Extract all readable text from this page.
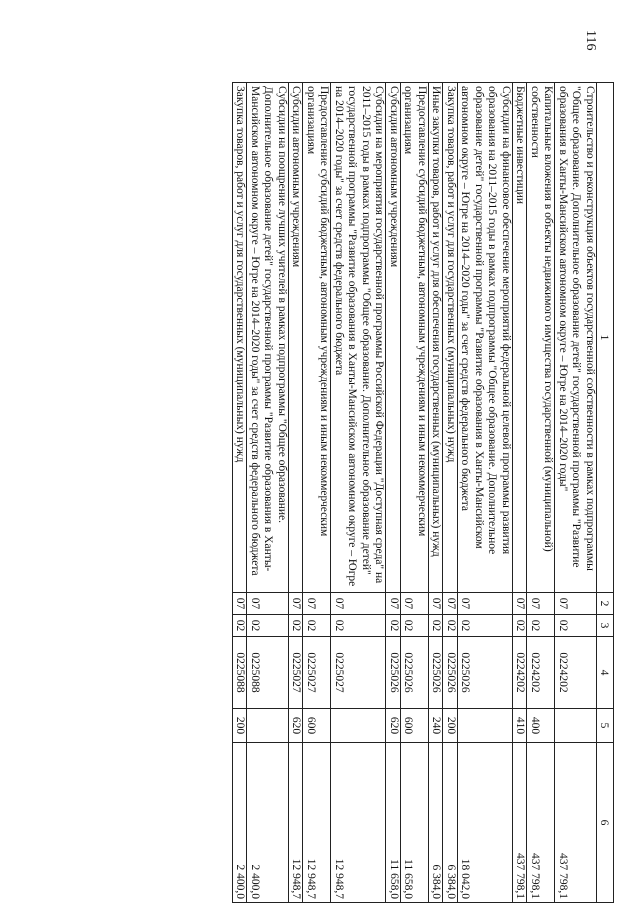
116
1	2	3	4	5	6
Строительство и реконструкция объектов государственной собственности в рамках подпрограммы "Общее образование. Дополнительное образование детей" государственной программы "Развитие образования в Ханты-Мансийском автономном округе – Югре на 2014–2020 годы"	07	02	0224202		437 798,1
Капитальные вложения в объекты недвижимого имущества государственной (муниципальной) собственности	07	02	0224202	400	437 798,1
Бюджетные инвестиции	07	02	0224202	410	437 798,1
Субсидии на финансовое обеспечение мероприятий федеральной целевой программы развития образования на 2011–2015 годы в рамках подпрограммы "Общее образование. Дополнительное образование детей" государственной программы "Развитие образования в Ханты-Мансийском автономном округе – Югре на 2014–2020 годы" за счет средств федерального бюджета	07	02	0225026		18 042,0
Закупка товаров, работ и услуг для государственных (муниципальных) нужд	07	02	0225026	200	6 384,0
Иные закупки товаров, работ и услуг для обеспечения государственных (муниципальных) нужд	07	02	0225026	240	6 384,0
Предоставление субсидий бюджетным, автономным учреждениям и иным некоммерческим организациям	07	02	0225026	600	11 658,0
Субсидии автономным учреждениям	07	02	0225026	620	11 658,0
Субсидии на мероприятия государственной программы Российской Федерации "Доступная среда" на 2011–2015 годы в рамках подпрограммы "Общее образование. Дополнительное образование детей" государственной программы "Развитие образования в Ханты-Мансийском автономном округе – Югре на 2014–2020 годы" за счет средств федерального бюджета	07	02	0225027		12 948,7
Предоставление субсидий бюджетным, автономным учреждениям и иным некоммерческим организациям	07	02	0225027	600	12 948,7
Субсидии автономным учреждениям	07	02	0225027	620	12 948,7
Субсидии на поощрение лучших учителей в рамках подпрограммы "Общее образование. Дополнительное образование детей" государственной программы "Развитие образования в Ханты-Мансийском автономном округе – Югре на 2014–2020 годы" за счет средств федерального бюджета	07	02	0225088		2 400,0
Закупка товаров, работ и услуг для государственных (муниципальных) нужд	07	02	0225088	200	2 400,0
